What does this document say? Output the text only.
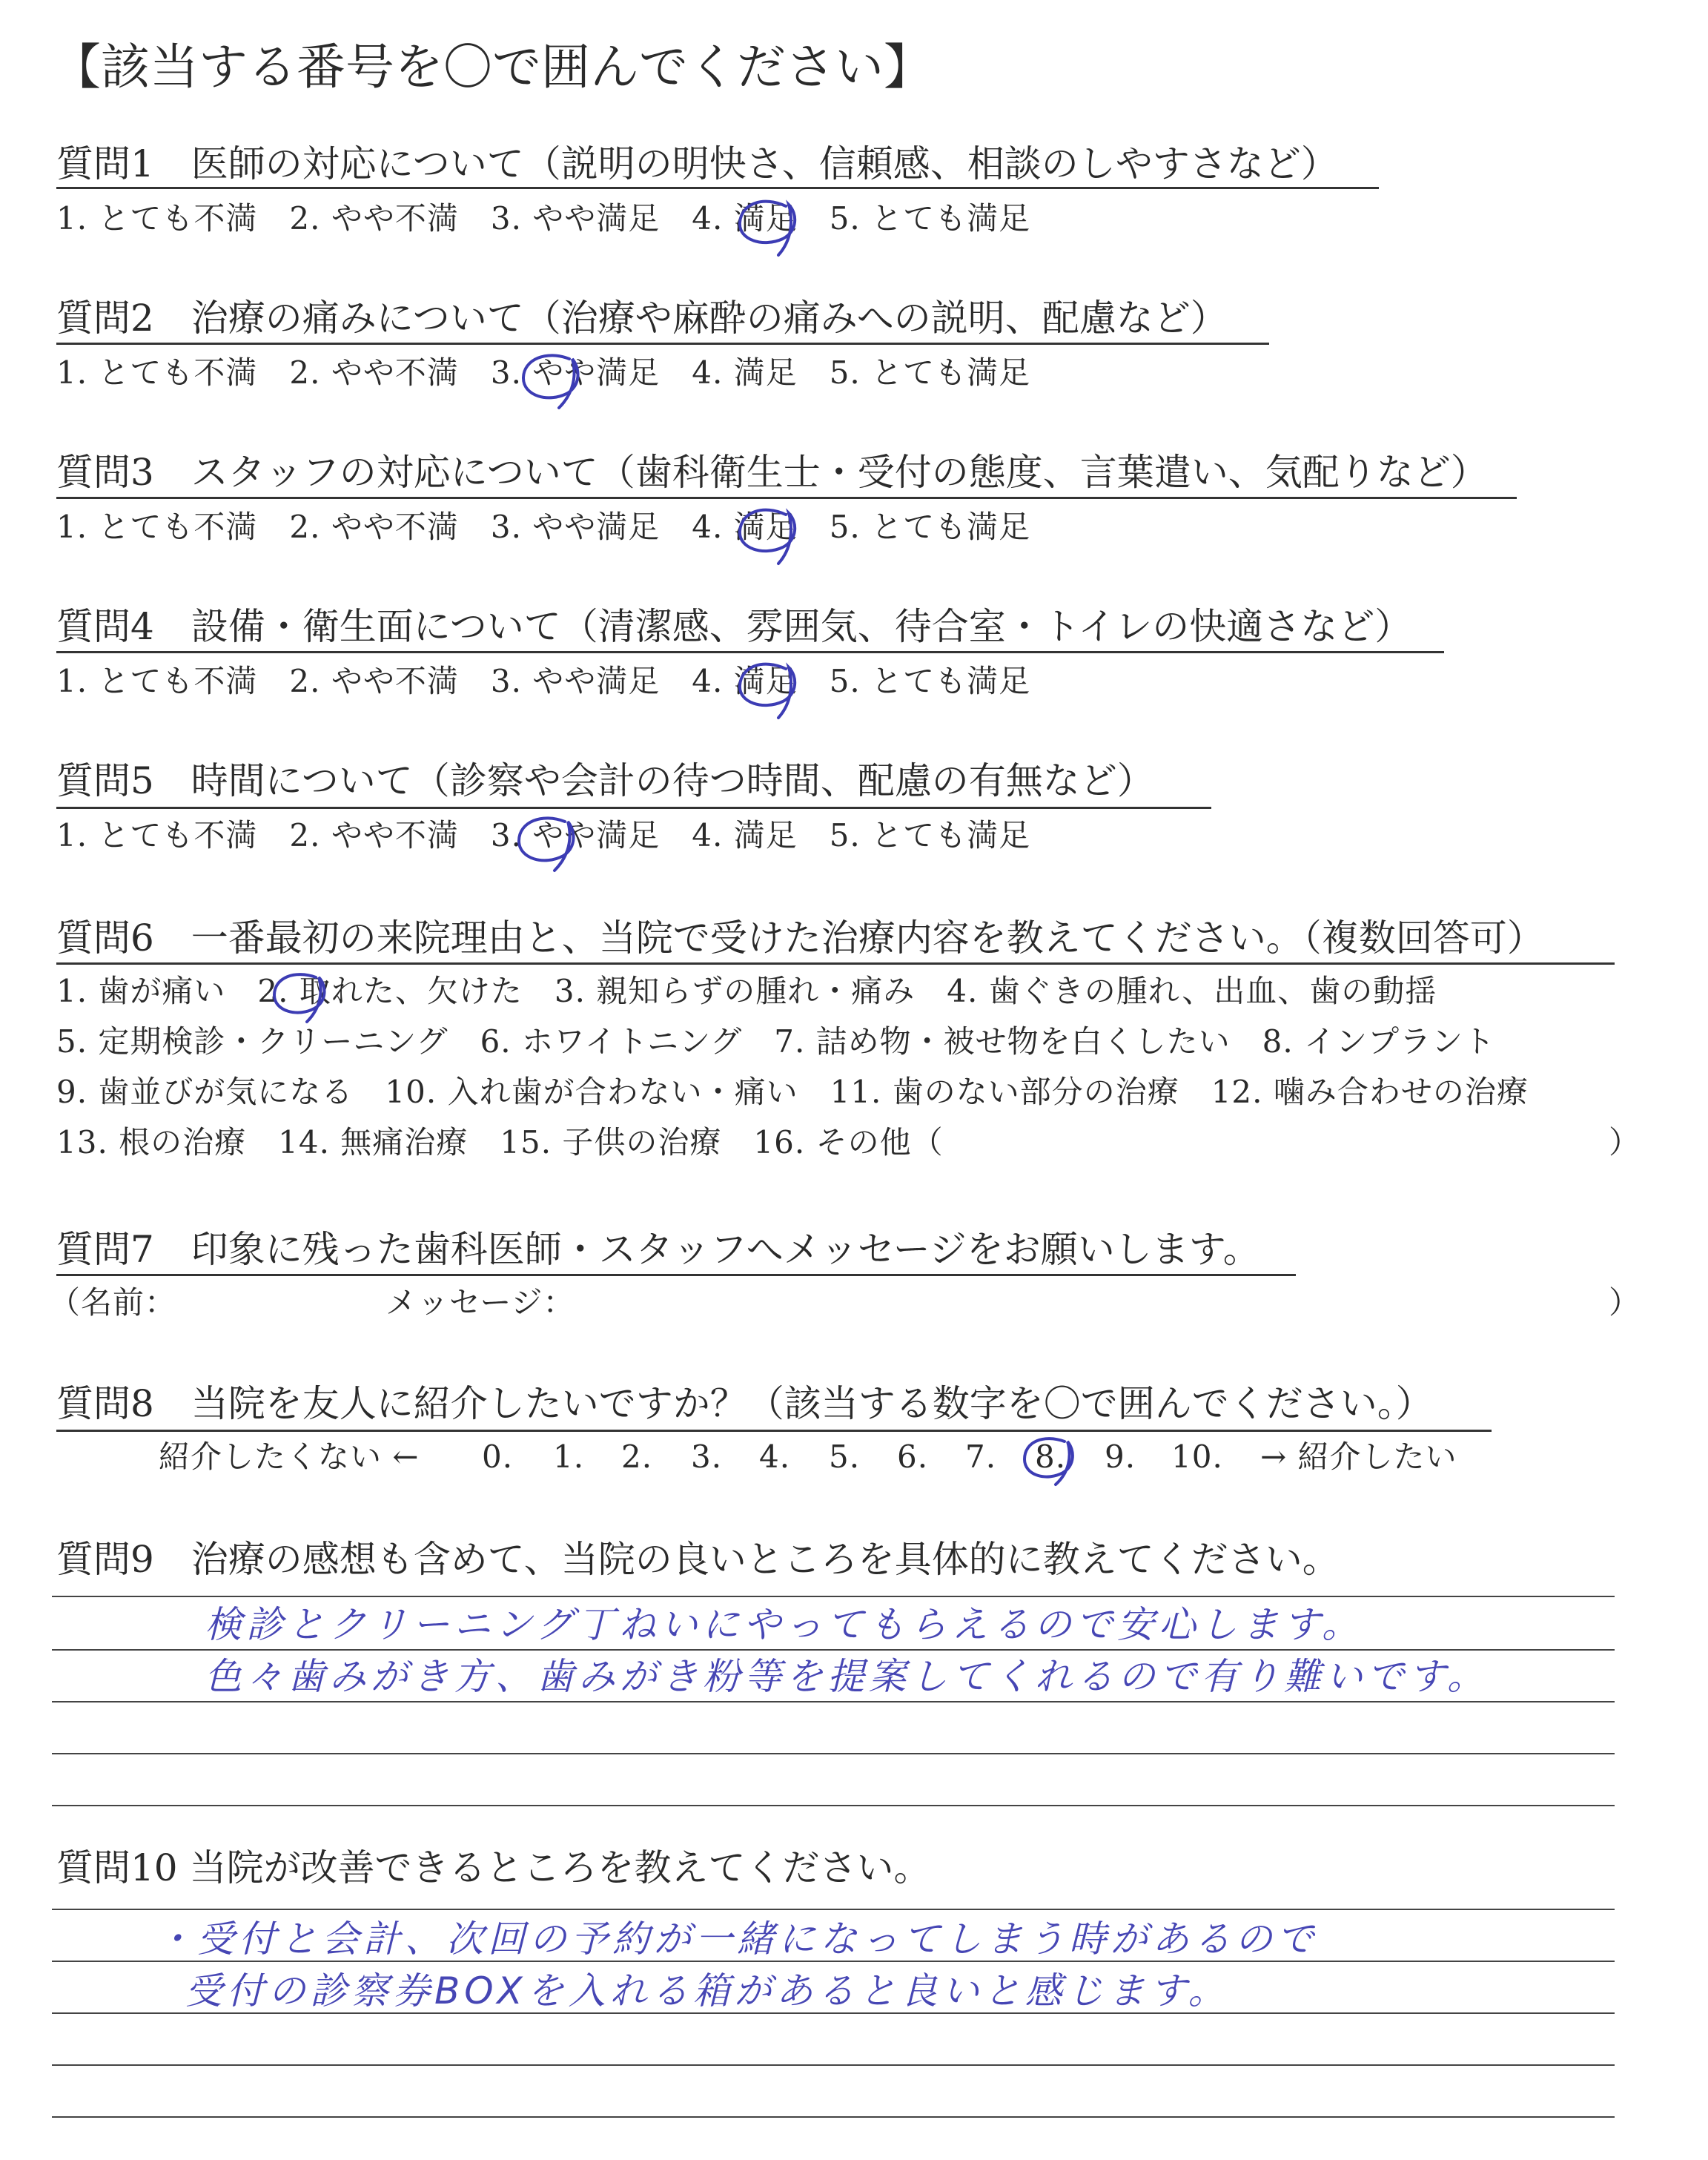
【該当する番号を〇で囲んでください】
質問1　医師の対応について（説明の明快さ、信頼感、相談のしやすさなど）
1. とても不満　2. やや不満　3. やや満足　4. 満足　5. とても満足
質問2　治療の痛みについて（治療や麻酔の痛みへの説明、配慮など）
1. とても不満　2. やや不満　3. やや満足　4. 満足　5. とても満足
質問3　スタッフの対応について（歯科衛生士・受付の態度、言葉遣い、気配りなど）
1. とても不満　2. やや不満　3. やや満足　4. 満足　5. とても満足
質問4　設備・衛生面について（清潔感、雰囲気、待合室・トイレの快適さなど）
1. とても不満　2. やや不満　3. やや満足　4. 満足　5. とても満足
質問5　時間について（診察や会計の待つ時間、配慮の有無など）
1. とても不満　2. やや不満　3. やや満足　4. 満足　5. とても満足
質問6　一番最初の来院理由と、当院で受けた治療内容を教えてください。（複数回答可）
1. 歯が痛い　2. 取れた、欠けた　3. 親知らずの腫れ・痛み　4. 歯ぐきの腫れ、出血、歯の動揺
5. 定期検診・クリーニング　6. ホワイトニング　7. 詰め物・被せ物を白くしたい　8. インプラント
9. 歯並びが気になる　10. 入れ歯が合わない・痛い　11. 歯のない部分の治療　12. 噛み合わせの治療
13. 根の治療　14. 無痛治療　15. 子供の治療　16. その他（	）
質問7　印象に残った歯科医師・スタッフへメッセージをお願いします。
（名前：	メッセージ：	）
質問8　当院を友人に紹介したいですか？（該当する数字を〇で囲んでください。）
紹介したくない ← 0. 1. 2. 3. 4. 5. 6. 7. 8. 9. 10. → 紹介したい
質問9　治療の感想も含めて、当院の良いところを具体的に教えてください。
検診とクリーニング丁ねいにやってもらえるので安心します。
色々歯みがき方、歯みがき粉等を提案してくれるので有り難いです。
質問10 当院が改善できるところを教えてください。
・受付と会計、次回の予約が一緒になってしまう時があるので
受付の診察券BOXを入れる箱があると良いと感じます。
